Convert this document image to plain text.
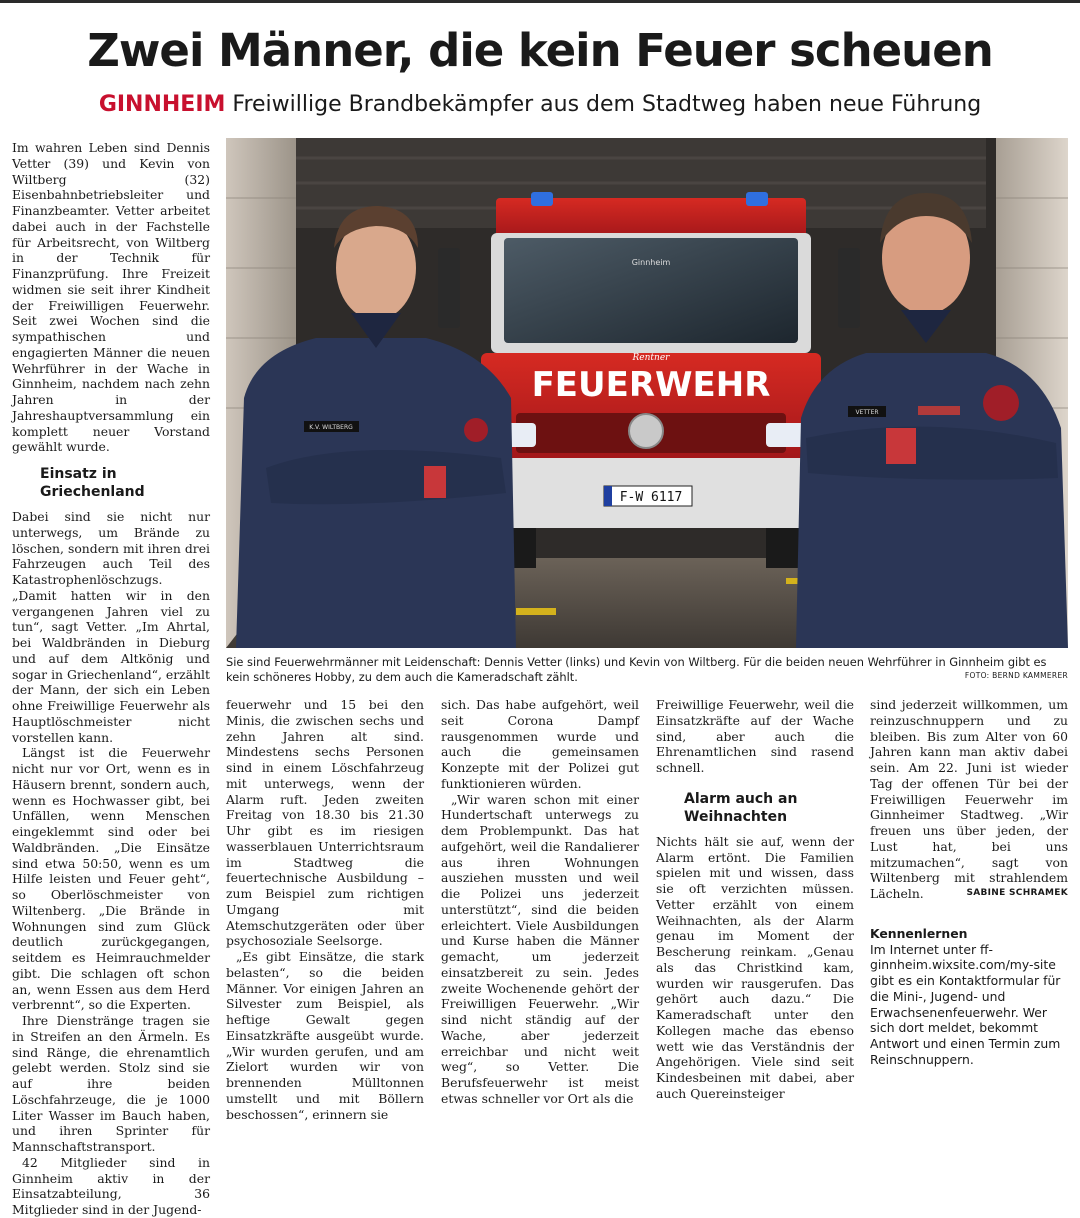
Zwei Männer, die kein Feuer scheuen
GINNHEIM Freiwillige Brandbekämpfer aus dem Stadtweg haben neue Führung

Im wahren Leben sind Dennis Vetter (39) und Kevin von Wiltberg (32) Eisenbahnbetriebsleiter und Finanzbeamter. Vetter arbeitet dabei auch in der Fachstelle für Arbeitsrecht, von Wiltberg in der Technik für Finanzprüfung. Ihre Freizeit widmen sie seit ihrer Kindheit der Freiwilligen Feuerwehr. Seit zwei Wochen sind die sympathischen und engagierten Männer die neuen Wehrführer in der Wache in Ginnheim, nachdem nach zehn Jahren in der Jahreshauptversammlung ein komplett neuer Vorstand gewählt wurde.

Einsatz in Griechenland

Dabei sind sie nicht nur unterwegs, um Brände zu löschen, sondern mit ihren drei Fahrzeugen auch Teil des Katastrophenlöschzugs. „Damit hatten wir in den vergangenen Jahren viel zu tun“, sagt Vetter. „Im Ahrtal, bei Waldbränden in Dieburg und auf dem Altkönig und sogar in Griechenland“, erzählt der Mann, der sich ein Leben ohne Freiwillige Feuerwehr als Hauptlöschmeister nicht vorstellen kann.

Längst ist die Feuerwehr nicht nur vor Ort, wenn es in Häusern brennt, sondern auch, wenn es Hochwasser gibt, bei Unfällen, wenn Menschen eingeklemmt sind oder bei Waldbränden. „Die Einsätze sind etwa 50:50, wenn es um Hilfe leisten und Feuer geht“, so Oberlöschmeister von Wiltenberg. „Die Brände in Wohnungen sind zum Glück deutlich zurückgegangen, seitdem es Heimrauchmelder gibt. Die schlagen oft schon an, wenn Essen aus dem Herd verbrennt“, so die Experten.

Ihre Dienstränge tragen sie in Streifen an den Ärmeln. Es sind Ränge, die ehrenamtlich gelebt werden. Stolz sind sie auf ihre beiden Löschfahrzeuge, die je 1000 Liter Wasser im Bauch haben, und ihren Sprinter für Mannschaftstransport.

42 Mitglieder sind in Ginnheim aktiv in der Einsatzabteilung, 36 Mitglieder sind in der Jugend-

Ginnheim
FEUERWEHR
Rentner
F-W 6117
K.V. WILTBERG
VETTER
Sie sind Feuerwehrmänner mit Leidenschaft: Dennis Vetter (links) und Kevin von Wiltberg. Für die beiden neuen Wehrführer in Ginnheim gibt es kein schöneres Hobby, zu dem auch die Kameradschaft zählt.	FOTO: BERND KAMMERER

feuerwehr und 15 bei den Minis, die zwischen sechs und zehn Jahren alt sind. Mindestens sechs Personen sind in einem Löschfahrzeug mit unterwegs, wenn der Alarm ruft. Jeden zweiten Freitag von 18.30 bis 21.30 Uhr gibt es im riesigen wasserblauen Unterrichtsraum im Stadtweg die feuertechnische Ausbildung – zum Beispiel zum richtigen Umgang mit Atemschutzgeräten oder über psychosoziale Seelsorge.

„Es gibt Einsätze, die stark belasten“, so die beiden Männer. Vor einigen Jahren an Silvester zum Beispiel, als heftige Gewalt gegen Einsatzkräfte ausgeübt wurde. „Wir wurden gerufen, und am Zielort wurden wir von brennenden Mülltonnen umstellt und mit Böllern beschossen“, erinnern sie

sich. Das habe aufgehört, weil seit Corona Dampf rausgenommen wurde und auch die gemeinsamen Konzepte mit der Polizei gut funktionieren würden.

„Wir waren schon mit einer Hundertschaft unterwegs zu dem Problempunkt. Das hat aufgehört, weil die Randalierer aus ihren Wohnungen ausziehen mussten und weil die Polizei uns jederzeit unterstützt“, sind die beiden erleichtert. Viele Ausbildungen und Kurse haben die Männer gemacht, um jederzeit einsatzbereit zu sein. Jedes zweite Wochenende gehört der Freiwilligen Feuerwehr. „Wir sind nicht ständig auf der Wache, aber jederzeit erreichbar und nicht weit weg“, so Vetter. Die Berufsfeuerwehr ist meist etwas schneller vor Ort als die

Freiwillige Feuerwehr, weil die Einsatzkräfte auf der Wache sind, aber auch die Ehrenamtlichen sind rasend schnell.

Alarm auch an Weihnachten

Nichts hält sie auf, wenn der Alarm ertönt. Die Familien spielen mit und wissen, dass sie oft verzichten müssen. Vetter erzählt von einem Weihnachten, als der Alarm genau im Moment der Bescherung reinkam. „Genau als das Christkind kam, wurden wir rausgerufen. Das gehört auch dazu.“ Die Kameradschaft unter den Kollegen mache das ebenso wett wie das Verständnis der Angehörigen. Viele sind seit Kindesbeinen mit dabei, aber auch Quereinsteiger

sind jederzeit willkommen, um reinzuschnuppern und zu bleiben. Bis zum Alter von 60 Jahren kann man aktiv dabei sein. Am 22. Juni ist wieder Tag der offenen Tür bei der Freiwilligen Feuerwehr im Ginnheimer Stadtweg. „Wir freuen uns über jeden, der Lust hat, bei uns mitzumachen“, sagt von Wiltenberg mit strahlendem Lächeln.	SABINE SCHRAMEK

Kennenlernen
Im Internet unter ff-ginnheim.wixsite.com/my-site gibt es ein Kontaktformular für die Mini-, Jugend- und Erwachsenenfeuerwehr. Wer sich dort meldet, bekommt Antwort und einen Termin zum Reinschnuppern.
